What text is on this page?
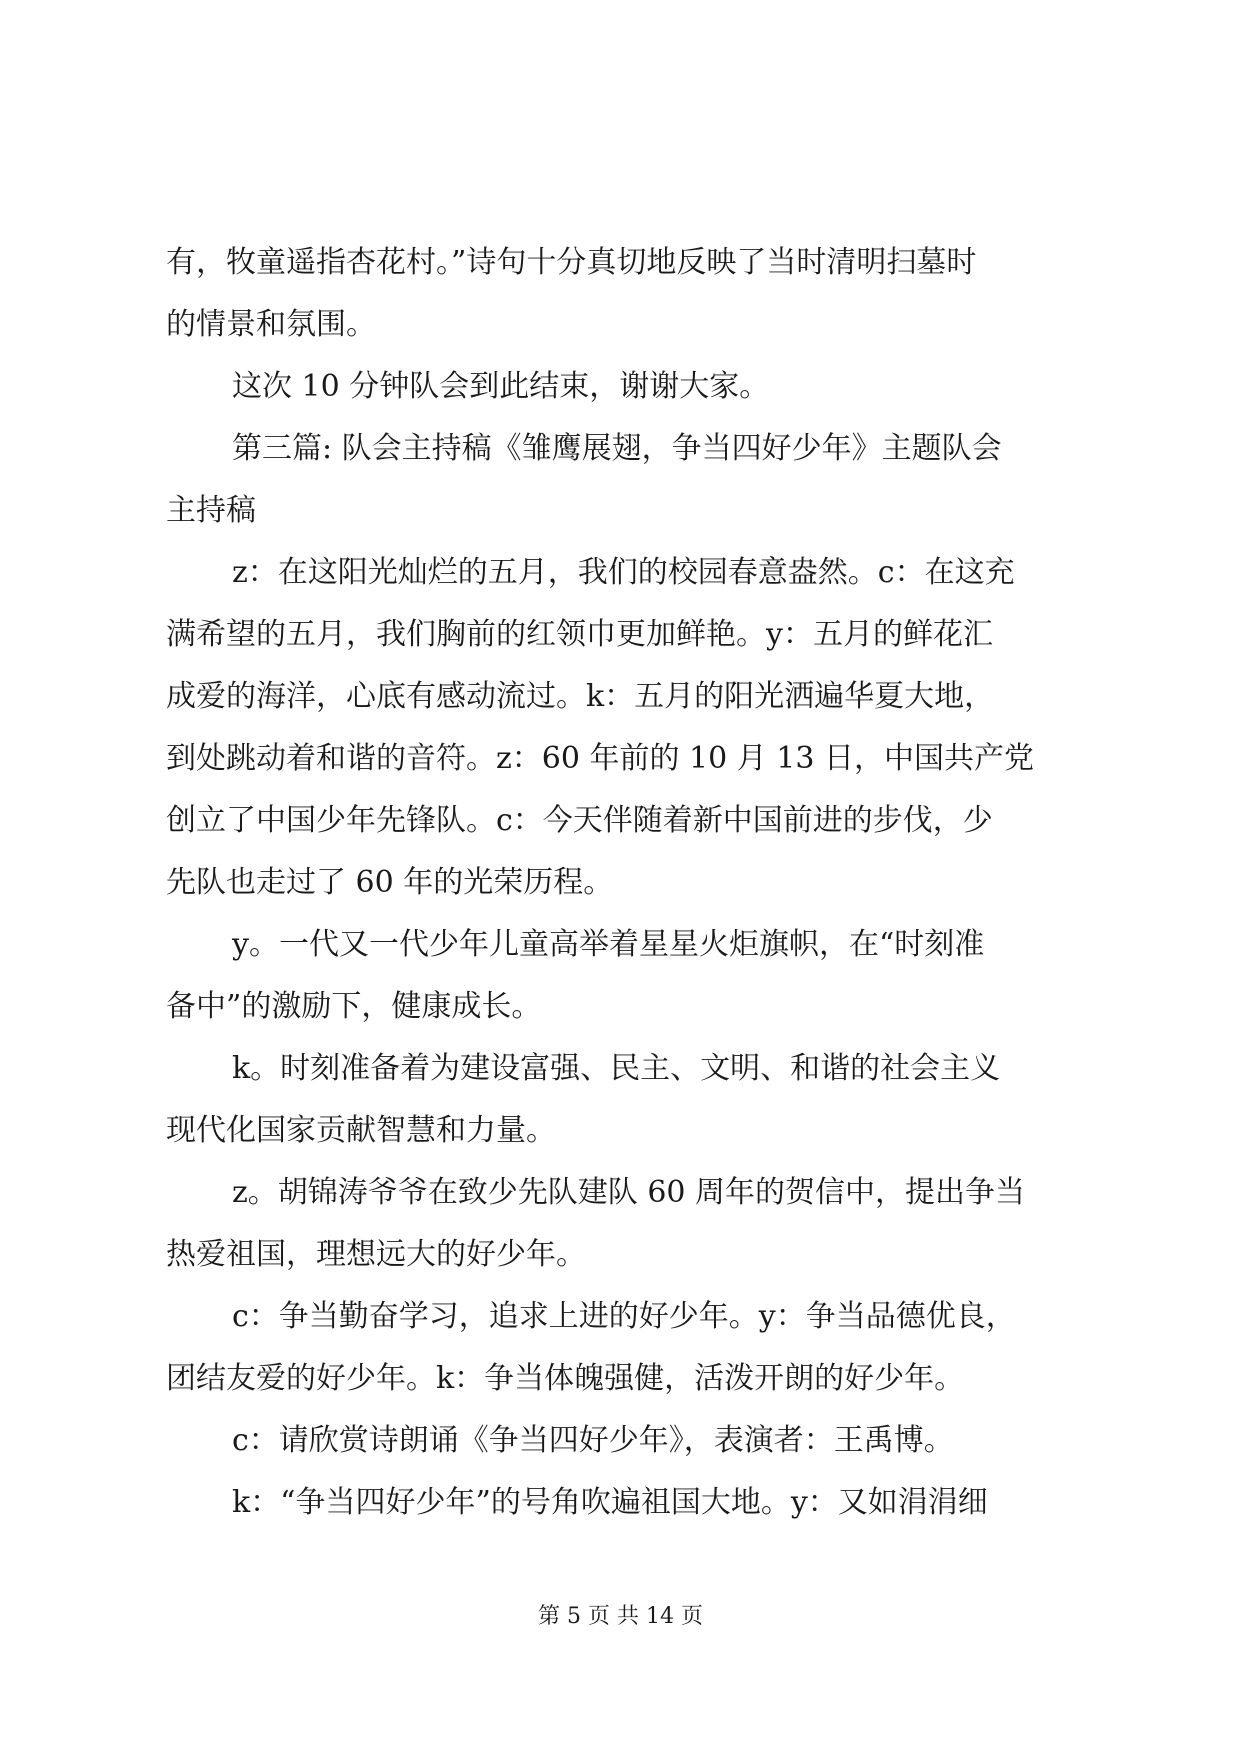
有，牧童遥指杏花村。”诗句十分真切地反映了当时清明扫墓时
的情景和氛围。
这次 10 分钟队会到此结束，谢谢大家。
第三篇: 队会主持稿《雏鹰展翅，争当四好少年》主题队会
主持稿
z：在这阳光灿烂的五月，我们的校园春意盎然。c：在这充
满希望的五月，我们胸前的红领巾更加鲜艳。y：五月的鲜花汇
成爱的海洋，心底有感动流过。k：五月的阳光洒遍华夏大地，
到处跳动着和谐的音符。z：60 年前的 10 月 13 日，中国共产党
创立了中国少年先锋队。c：今天伴随着新中国前进的步伐，少
先队也走过了 60 年的光荣历程。
y。一代又一代少年儿童高举着星星火炬旗帜，在“时刻准
备中”的激励下，健康成长。
k。时刻准备着为建设富强、民主、文明、和谐的社会主义
现代化国家贡献智慧和力量。
z。胡锦涛爷爷在致少先队建队 60 周年的贺信中，提出争当
热爱祖国，理想远大的好少年。
c：争当勤奋学习，追求上进的好少年。y：争当品德优良，
团结友爱的好少年。k：争当体魄强健，活泼开朗的好少年。
c：请欣赏诗朗诵《争当四好少年》，表演者：王禹博。
k：“争当四好少年”的号角吹遍祖国大地。y：又如涓涓细
第 5 页 共 14 页
